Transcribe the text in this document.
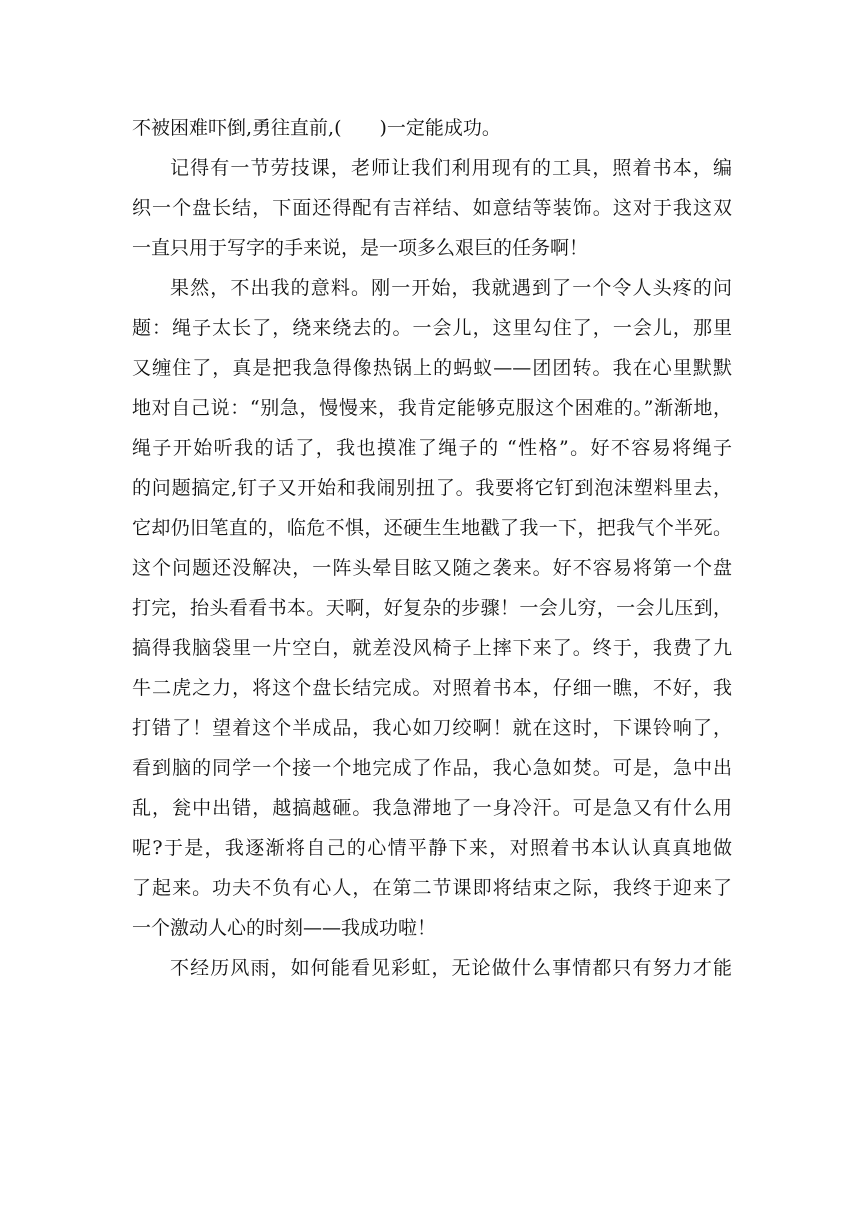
不被困难吓倒,勇往直前,(　　)一定能成功。

记得有一节劳技课，老师让我们利用现有的工具，照着书本，编
织一个盘长结，下面还得配有吉祥结、如意结等装饰。这对于我这双
一直只用于写字的手来说，是一项多么艰巨的任务啊！

果然，不出我的意料。刚一开始，我就遇到了一个令人头疼的问
题：绳子太长了，绕来绕去的。一会儿，这里勾住了，一会儿，那里
又缠住了，真是把我急得像热锅上的蚂蚁——团团转。我在心里默默
地对自己说：“别急，慢慢来，我肯定能够克服这个困难的。”渐渐地，
绳子开始听我的话了，我也摸准了绳子的 “性格”。好不容易将绳子
的问题搞定,钉子又开始和我闹别扭了。我要将它钉到泡沫塑料里去，
它却仍旧笔直的，临危不惧，还硬生生地戳了我一下，把我气个半死。
这个问题还没解决，一阵头晕目眩又随之袭来。好不容易将第一个盘
打完，抬头看看书本。天啊，好复杂的步骤！一会儿穷，一会儿压到，
搞得我脑袋里一片空白，就差没风椅子上摔下来了。终于，我费了九
牛二虎之力，将这个盘长结完成。对照着书本，仔细一瞧，不好，我
打错了！望着这个半成品，我心如刀绞啊！就在这时，下课铃响了，
看到脑的同学一个接一个地完成了作品，我心急如焚。可是，急中出
乱，瓮中出错，越搞越砸。我急滞地了一身冷汗。可是急又有什么用
呢?于是，我逐渐将自己的心情平静下来，对照着书本认认真真地做
了起来。功夫不负有心人，在第二节课即将结束之际，我终于迎来了
一个激动人心的时刻——我成功啦！

不经历风雨，如何能看见彩虹，无论做什么事情都只有努力才能
